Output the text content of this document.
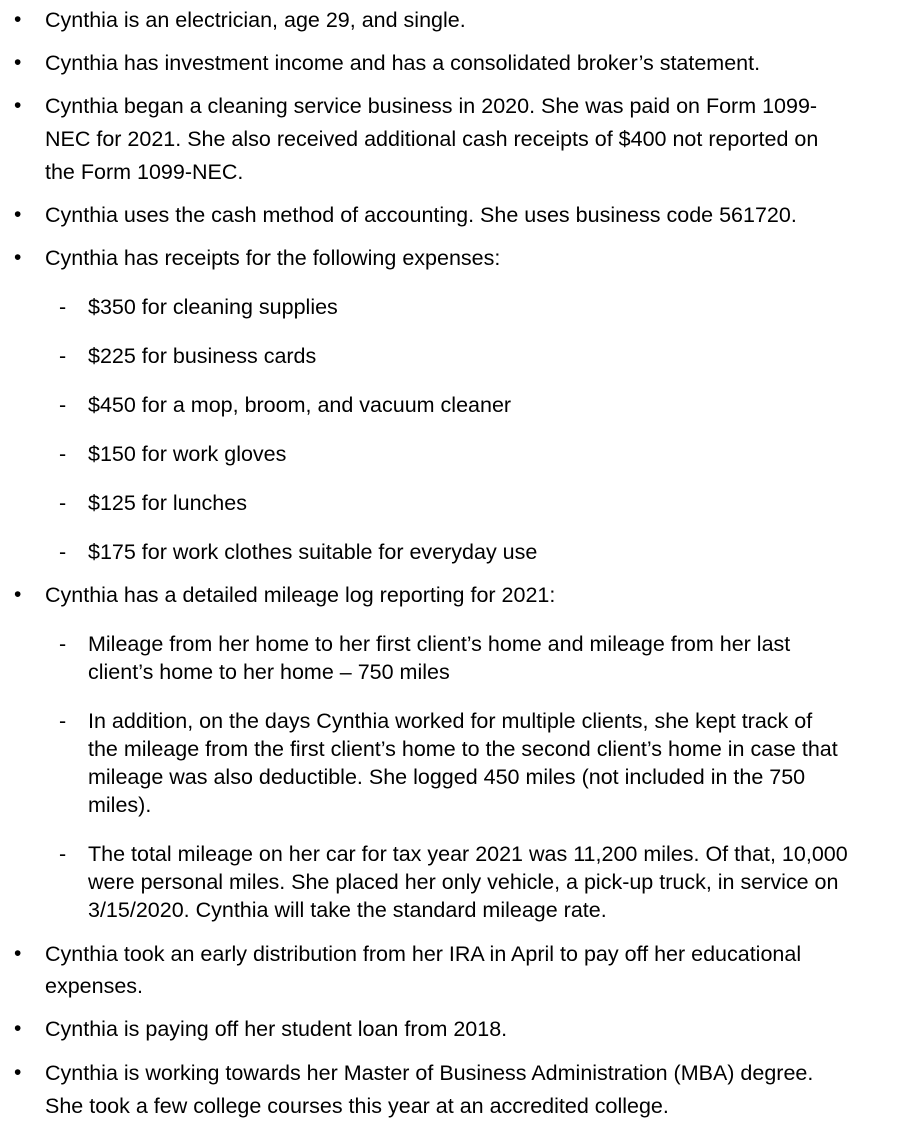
• Cynthia is an electrician, age 29, and single.
• Cynthia has investment income and has a consolidated broker’s statement.
• Cynthia began a cleaning service business in 2020. She was paid on Form 1099-
NEC for 2021. She also received additional cash receipts of $400 not reported on
the Form 1099-NEC.
• Cynthia uses the cash method of accounting. She uses business code 561720.
• Cynthia has receipts for the following expenses:
- $350 for cleaning supplies
- $225 for business cards
- $450 for a mop, broom, and vacuum cleaner
- $150 for work gloves
- $125 for lunches
- $175 for work clothes suitable for everyday use
• Cynthia has a detailed mileage log reporting for 2021:
- Mileage from her home to her first client’s home and mileage from her last
client’s home to her home – 750 miles
- In addition, on the days Cynthia worked for multiple clients, she kept track of
the mileage from the first client’s home to the second client’s home in case that
mileage was also deductible. She logged 450 miles (not included in the 750
miles).
- The total mileage on her car for tax year 2021 was 11,200 miles. Of that, 10,000
were personal miles. She placed her only vehicle, a pick-up truck, in service on
3/15/2020. Cynthia will take the standard mileage rate.
• Cynthia took an early distribution from her IRA in April to pay off her educational
expenses.
• Cynthia is paying off her student loan from 2018.
• Cynthia is working towards her Master of Business Administration (MBA) degree.
She took a few college courses this year at an accredited college.
